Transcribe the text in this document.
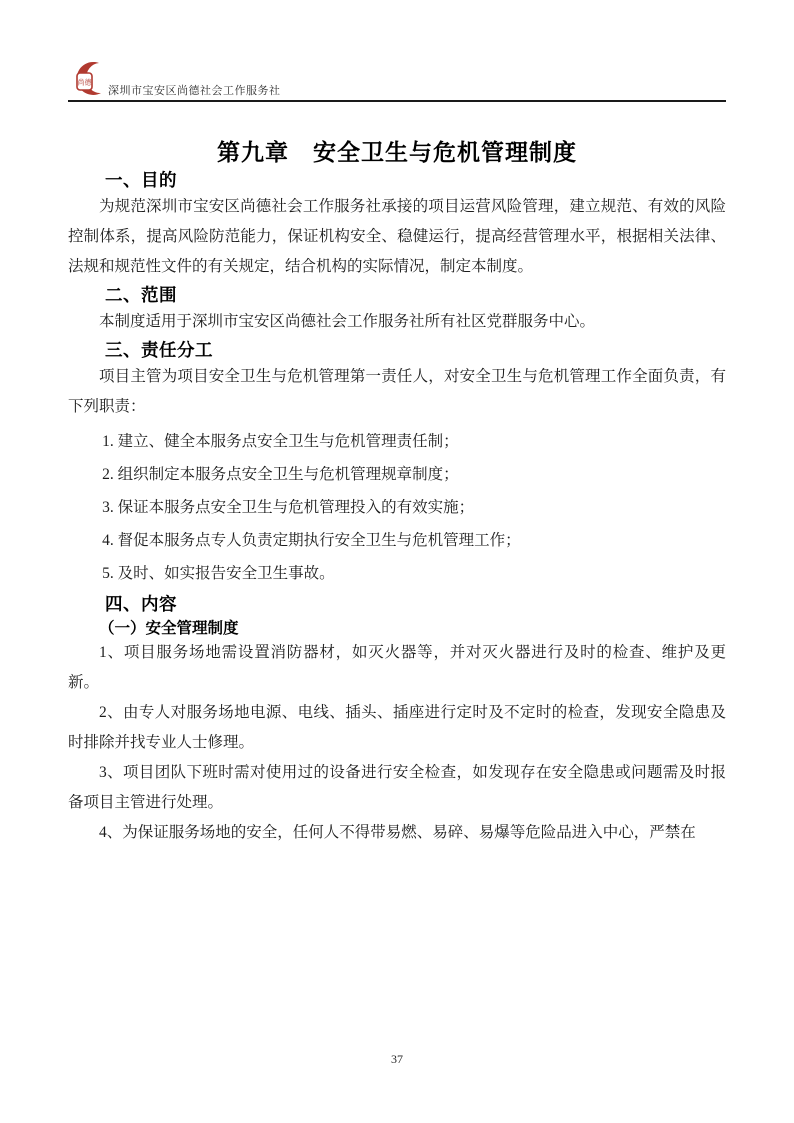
尚德
深圳市宝安区尚德社会工作服务社
第九章　安全卫生与危机管理制度
一、目的

为规范深圳市宝安区尚德社会工作服务社承接的项目运营风险管理，建立规范、有效的风险控制体系，提高风险防范能力，保证机构安全、稳健运行，提高经营管理水平，根据相关法律、法规和规范性文件的有关规定，结合机构的实际情况，制定本制度。

二、范围

本制度适用于深圳市宝安区尚德社会工作服务社所有社区党群服务中心。

三、责任分工

项目主管为项目安全卫生与危机管理第一责任人，对安全卫生与危机管理工作全面负责，有下列职责：

1. 建立、健全本服务点安全卫生与危机管理责任制；

2. 组织制定本服务点安全卫生与危机管理规章制度；

3. 保证本服务点安全卫生与危机管理投入的有效实施；

4. 督促本服务点专人负责定期执行安全卫生与危机管理工作；

5. 及时、如实报告安全卫生事故。

四、内容
（一）安全管理制度

1、项目服务场地需设置消防器材，如灭火器等，并对灭火器进行及时的检查、维护及更新。

2、由专人对服务场地电源、电线、插头、插座进行定时及不定时的检查，发现安全隐患及时排除并找专业人士修理。

3、项目团队下班时需对使用过的设备进行安全检查，如发现存在安全隐患或问题需及时报备项目主管进行处理。

4、为保证服务场地的安全，任何人不得带易燃、易碎、易爆等危险品进入中心，严禁在

37
